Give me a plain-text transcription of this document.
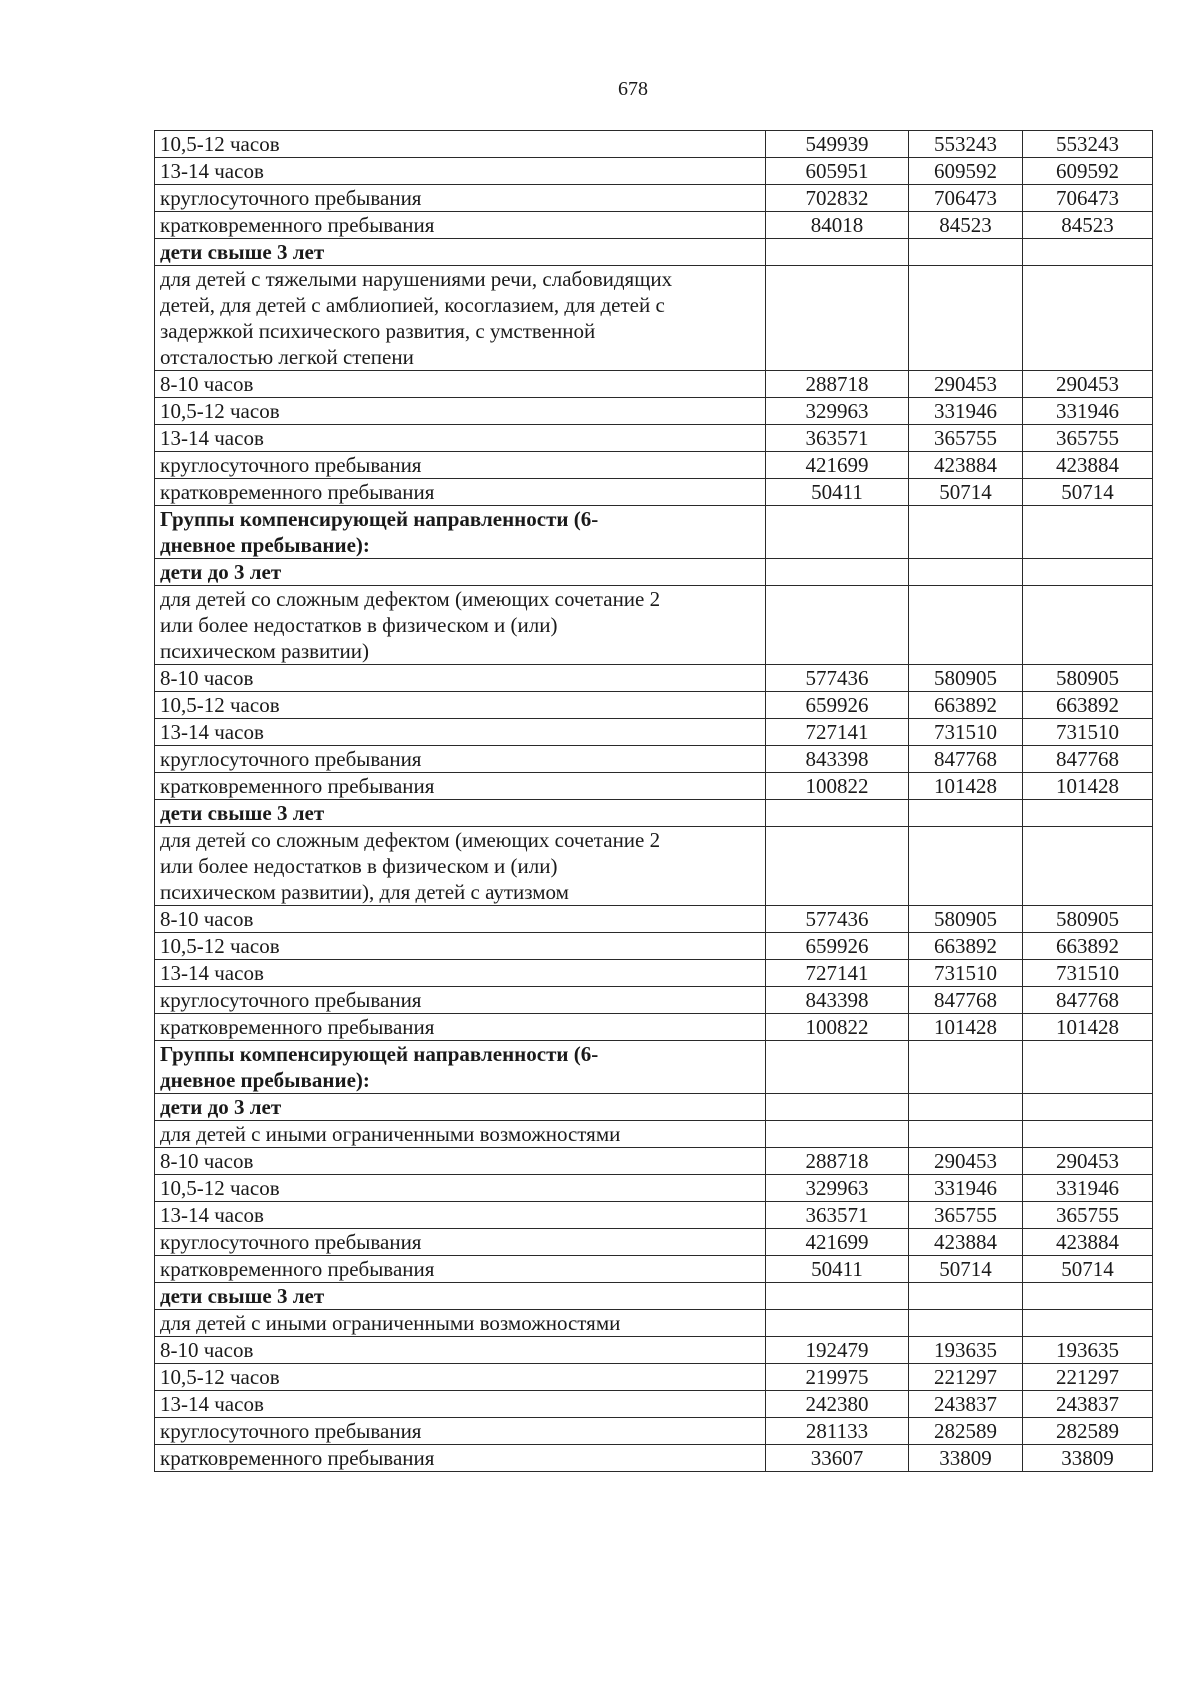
678
10,5-12 часов	549939	553243	553243
13-14 часов	605951	609592	609592
круглосуточного пребывания	702832	706473	706473
кратковременного пребывания	84018	84523	84523
дети свыше 3 лет			
для детей с тяжелыми нарушениями речи, слабовидящих
детей, для детей с амблиопией, косоглазием, для детей с
задержкой психического развития, с умственной
отсталостью легкой степени			
8-10 часов	288718	290453	290453
10,5-12 часов	329963	331946	331946
13-14 часов	363571	365755	365755
круглосуточного пребывания	421699	423884	423884
кратковременного пребывания	50411	50714	50714
Группы компенсирующей направленности (6-
дневное пребывание):			
дети до 3 лет			
для детей со сложным дефектом (имеющих сочетание 2
или более недостатков в физическом и (или)
психическом развитии)			
8-10 часов	577436	580905	580905
10,5-12 часов	659926	663892	663892
13-14 часов	727141	731510	731510
круглосуточного пребывания	843398	847768	847768
кратковременного пребывания	100822	101428	101428
дети свыше 3 лет			
для детей со сложным дефектом (имеющих сочетание 2
или более недостатков в физическом и (или)
психическом развитии), для детей с аутизмом			
8-10 часов	577436	580905	580905
10,5-12 часов	659926	663892	663892
13-14 часов	727141	731510	731510
круглосуточного пребывания	843398	847768	847768
кратковременного пребывания	100822	101428	101428
Группы компенсирующей направленности (6-
дневное пребывание):			
дети до 3 лет			
для детей с иными ограниченными возможностями			
8-10 часов	288718	290453	290453
10,5-12 часов	329963	331946	331946
13-14 часов	363571	365755	365755
круглосуточного пребывания	421699	423884	423884
кратковременного пребывания	50411	50714	50714
дети свыше 3 лет			
для детей с иными ограниченными возможностями			
8-10 часов	192479	193635	193635
10,5-12 часов	219975	221297	221297
13-14 часов	242380	243837	243837
круглосуточного пребывания	281133	282589	282589
кратковременного пребывания	33607	33809	33809
